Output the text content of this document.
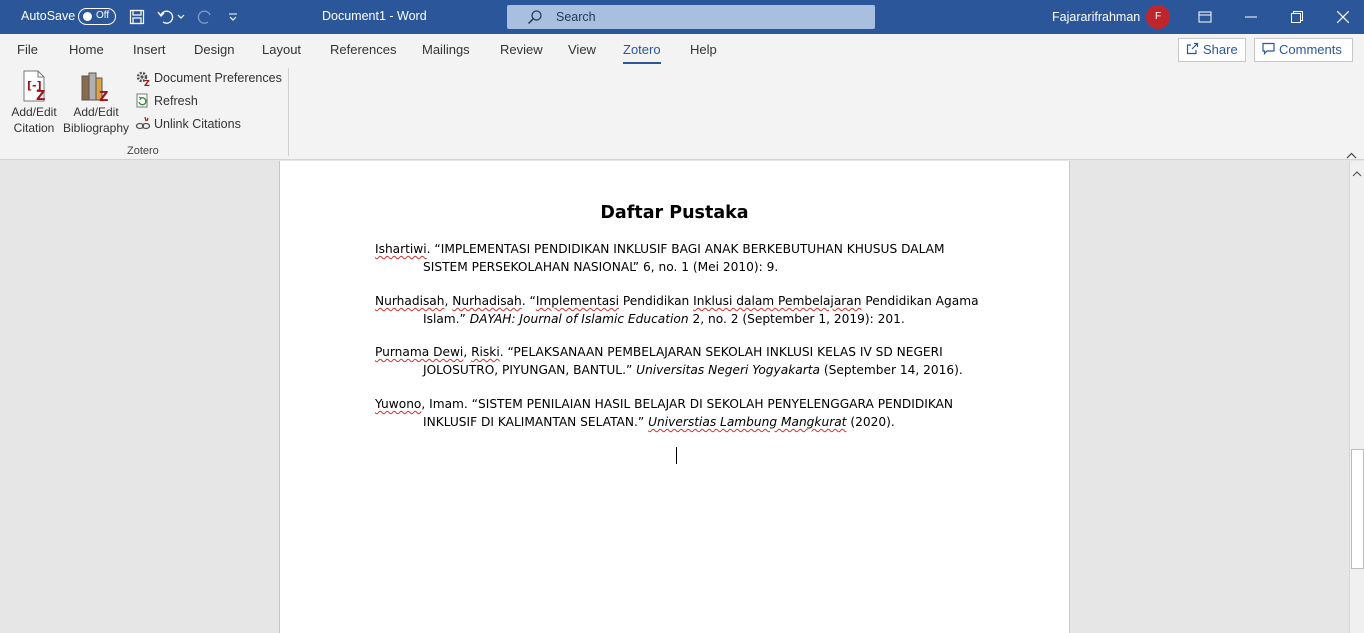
AutoSave Off	Document1 - Word	Search	Fajararifrahman	F
File Home Insert Design Layout References Mailings Review View Zotero Help	Share	Comments
[-]
Z
Add/Edit
Citation
Z
Add/Edit
Bibliography
Z Document Preferences
Refresh
Unlink Citations
Zotero
Daftar Pustaka
Ishartiwi. “IMPLEMENTASI PENDIDIKAN INKLUSIF BAGI ANAK BERKEBUTUHAN KHUSUS DALAM
SISTEM PERSEKOLAHAN NASIONAL” 6, no. 1 (Mei 2010): 9.
Nurhadisah, Nurhadisah. “Implementasi Pendidikan Inklusi dalam Pembelajaran Pendidikan Agama
Islam.” DAYAH: Journal of Islamic Education 2, no. 2 (September 1, 2019): 201.
Purnama Dewi, Riski. “PELAKSANAAN PEMBELAJARAN SEKOLAH INKLUSI KELAS IV SD NEGERI
JOLOSUTRO, PIYUNGAN, BANTUL.” Universitas Negeri Yogyakarta (September 14, 2016).
Yuwono, Imam. “SISTEM PENILAIAN HASIL BELAJAR DI SEKOLAH PENYELENGGARA PENDIDIKAN
INKLUSIF DI KALIMANTAN SELATAN.” Universtias Lambung Mangkurat (2020).
